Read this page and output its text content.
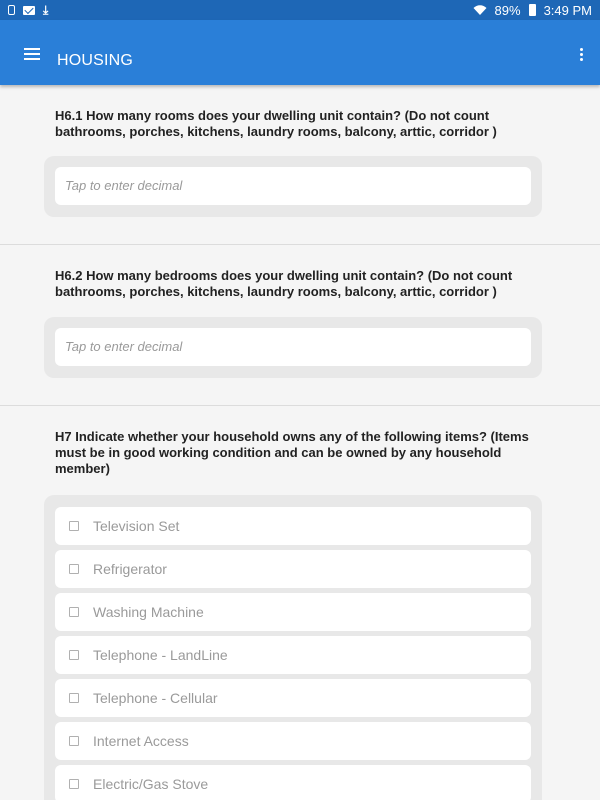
⤓	89% 3:49 PM
HOUSING
H6.1 How many rooms does your dwelling unit contain? (Do not count bathrooms, porches, kitchens, laundry rooms, balcony, arttic, corridor )
Tap to enter decimal
H6.2 How many bedrooms does your dwelling unit contain? (Do not count bathrooms, porches, kitchens, laundry rooms, balcony, arttic, corridor )
Tap to enter decimal
H7 Indicate whether your household owns any of the following items? (Items must be in good working condition and can be owned by any household member)
Television Set
Refrigerator
Washing Machine
Telephone - LandLine
Telephone - Cellular
Internet Access
Electric/Gas Stove
